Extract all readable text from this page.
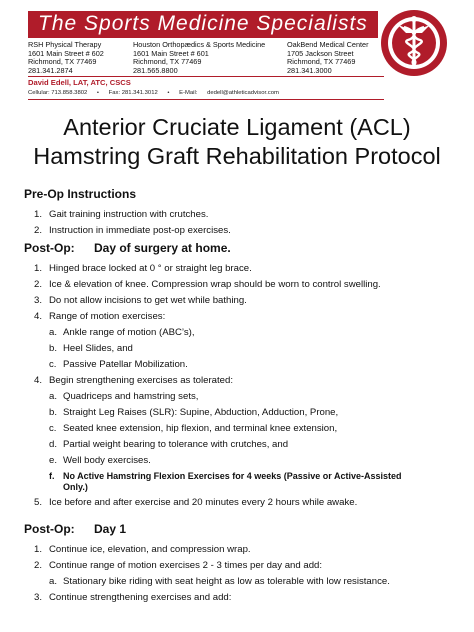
The Sports Medicine Specialists
RSH Physical Therapy
1601 Main Street # 602
Richmond, TX 77469
281.341.2874
Houston Orthopædics & Sports Medicine
1601 Main Street # 601
Richmond, TX 77469
281.565.8800
OakBend Medical Center
1705 Jackson Street
Richmond, TX 77469
281.341.3000
David Edell, LAT, ATC, CSCS
Cellular: 713.858.3802 • Fax: 281.341.3012 • E-Mail: dedell@athleticadvisor.com
Anterior Cruciate Ligament (ACL)
Hamstring Graft Rehabilitation Protocol
Pre-Op Instructions
1. Gait training instruction with crutches.
2. Instruction in immediate post-op exercises.
Post-Op: Day of surgery at home.
1. Hinged brace locked at 0 ° or straight leg brace.
2. Ice & elevation of knee. Compression wrap should be worn to control swelling.
3. Do not allow incisions to get wet while bathing.
4. Range of motion exercises:
a. Ankle range of motion (ABC’s),
b. Heel Slides, and
c. Passive Patellar Mobilization.
4. Begin strengthening exercises as tolerated:
a. Quadriceps and hamstring sets,
b. Straight Leg Raises (SLR): Supine, Abduction, Adduction, Prone,
c. Seated knee extension, hip flexion, and terminal knee extension,
d. Partial weight bearing to tolerance with crutches, and
e. Well body exercises.
f. No Active Hamstring Flexion Exercises for 4 weeks (Passive or Active-Assisted
Only.)
5. Ice before and after exercise and 20 minutes every 2 hours while awake.
Post-Op: Day 1
1. Continue ice, elevation, and compression wrap.
2. Continue range of motion exercises 2 - 3 times per day and add:
a. Stationary bike riding with seat height as low as tolerable with low resistance.
3. Continue strengthening exercises and add:
